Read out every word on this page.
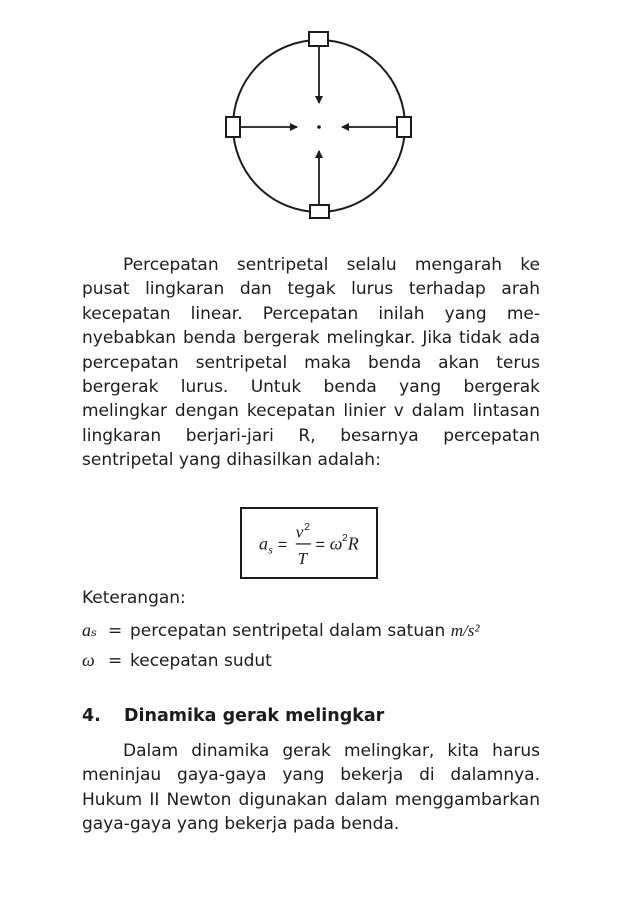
Percepatan sentripetal selalu mengarah ke pusat lingkaran dan tegak lurus terhadap arah kecepatan linear. Percepatan inilah yang menyebabkan benda bergerak melingkar. Jika tidak ada percepatan sentripetal maka benda akan terus bergerak lurus. Untuk benda yang bergerak melingkar dengan kecepatan linier v dalam lintasan lingkaran berjari-jari R, besarnya percepatan sentripetal yang dihasilkan adalah:

a s =
v 2
T
= ω 2 R

Keterangan:

aₛ = percepatan sentripetal dalam satuan m/s²
ω = kecepatan sudut
4. Dinamika gerak melingkar

Dalam dinamika gerak melingkar, kita harus meninjau gaya-gaya yang bekerja di dalamnya. Hukum II Newton digunakan dalam menggambarkan gaya-gaya yang bekerja pada benda.
